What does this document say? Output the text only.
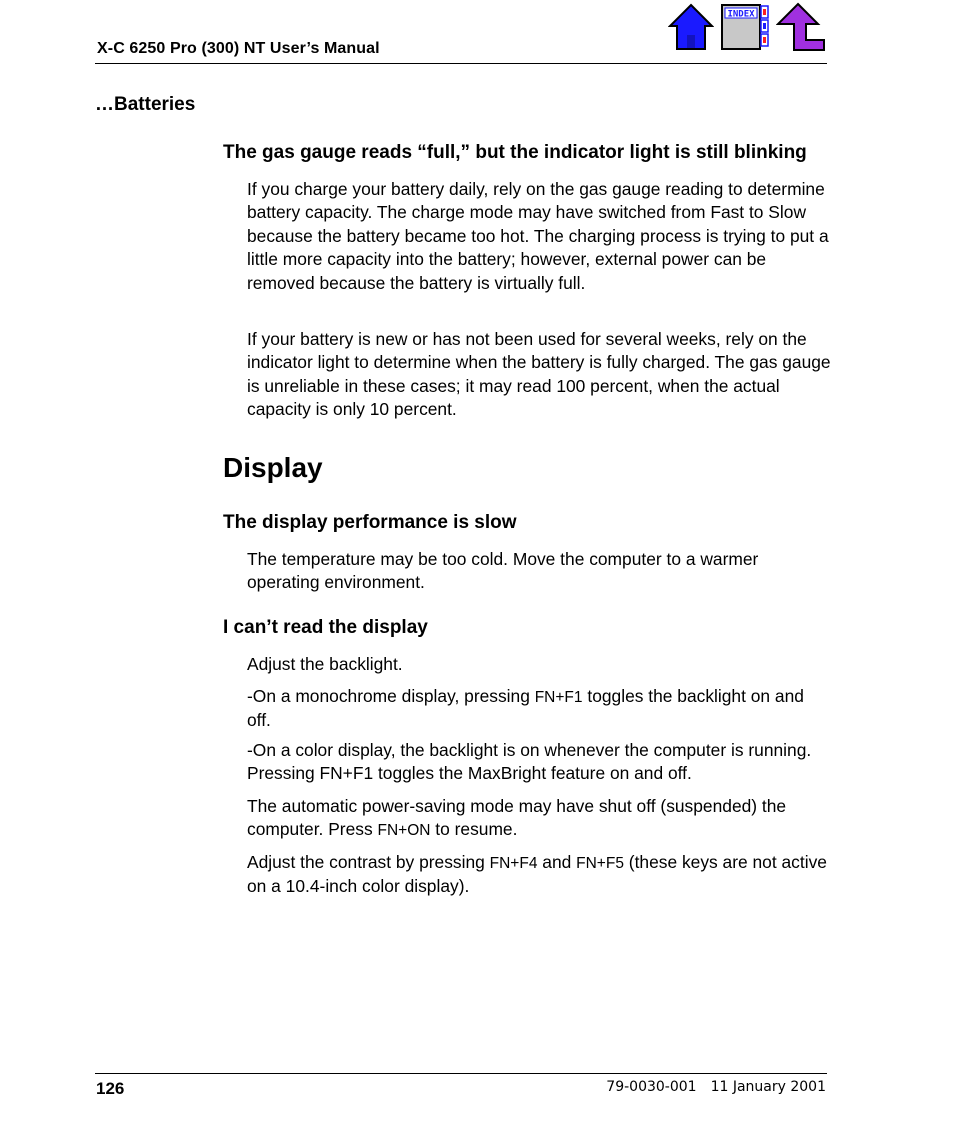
X-C 6250 Pro (300) NT User’s Manual
INDEX
…Batteries
The gas gauge reads “full,” but the indicator light is still blinking
If you charge your battery daily, rely on the gas gauge reading to determine battery capacity. The charge mode may have switched from Fast to Slow because the battery became too hot. The charging process is trying to put a little more capacity into the battery; however, external power can be removed because the battery is virtually full.
If your battery is new or has not been used for several weeks, rely on the indicator light to determine when the battery is fully charged. The gas gauge is unreliable in these cases; it may read 100 percent, when the actual capacity is only 10 percent.
Display
The display performance is slow
The temperature may be too cold. Move the computer to a warmer operating environment.
I can’t read the display
Adjust the backlight.
-On a monochrome display, pressing FN+F1 toggles the backlight on and off.
-On a color display, the backlight is on whenever the computer is running. Pressing FN+F1 toggles the MaxBright feature on and off.
The automatic power-saving mode may have shut off (suspended) the computer. Press FN+ON to resume.
Adjust the contrast by pressing FN+F4 and FN+F5 (these keys are not active on a 10.4-inch color display).
126	79-0030-001 11 January 2001
